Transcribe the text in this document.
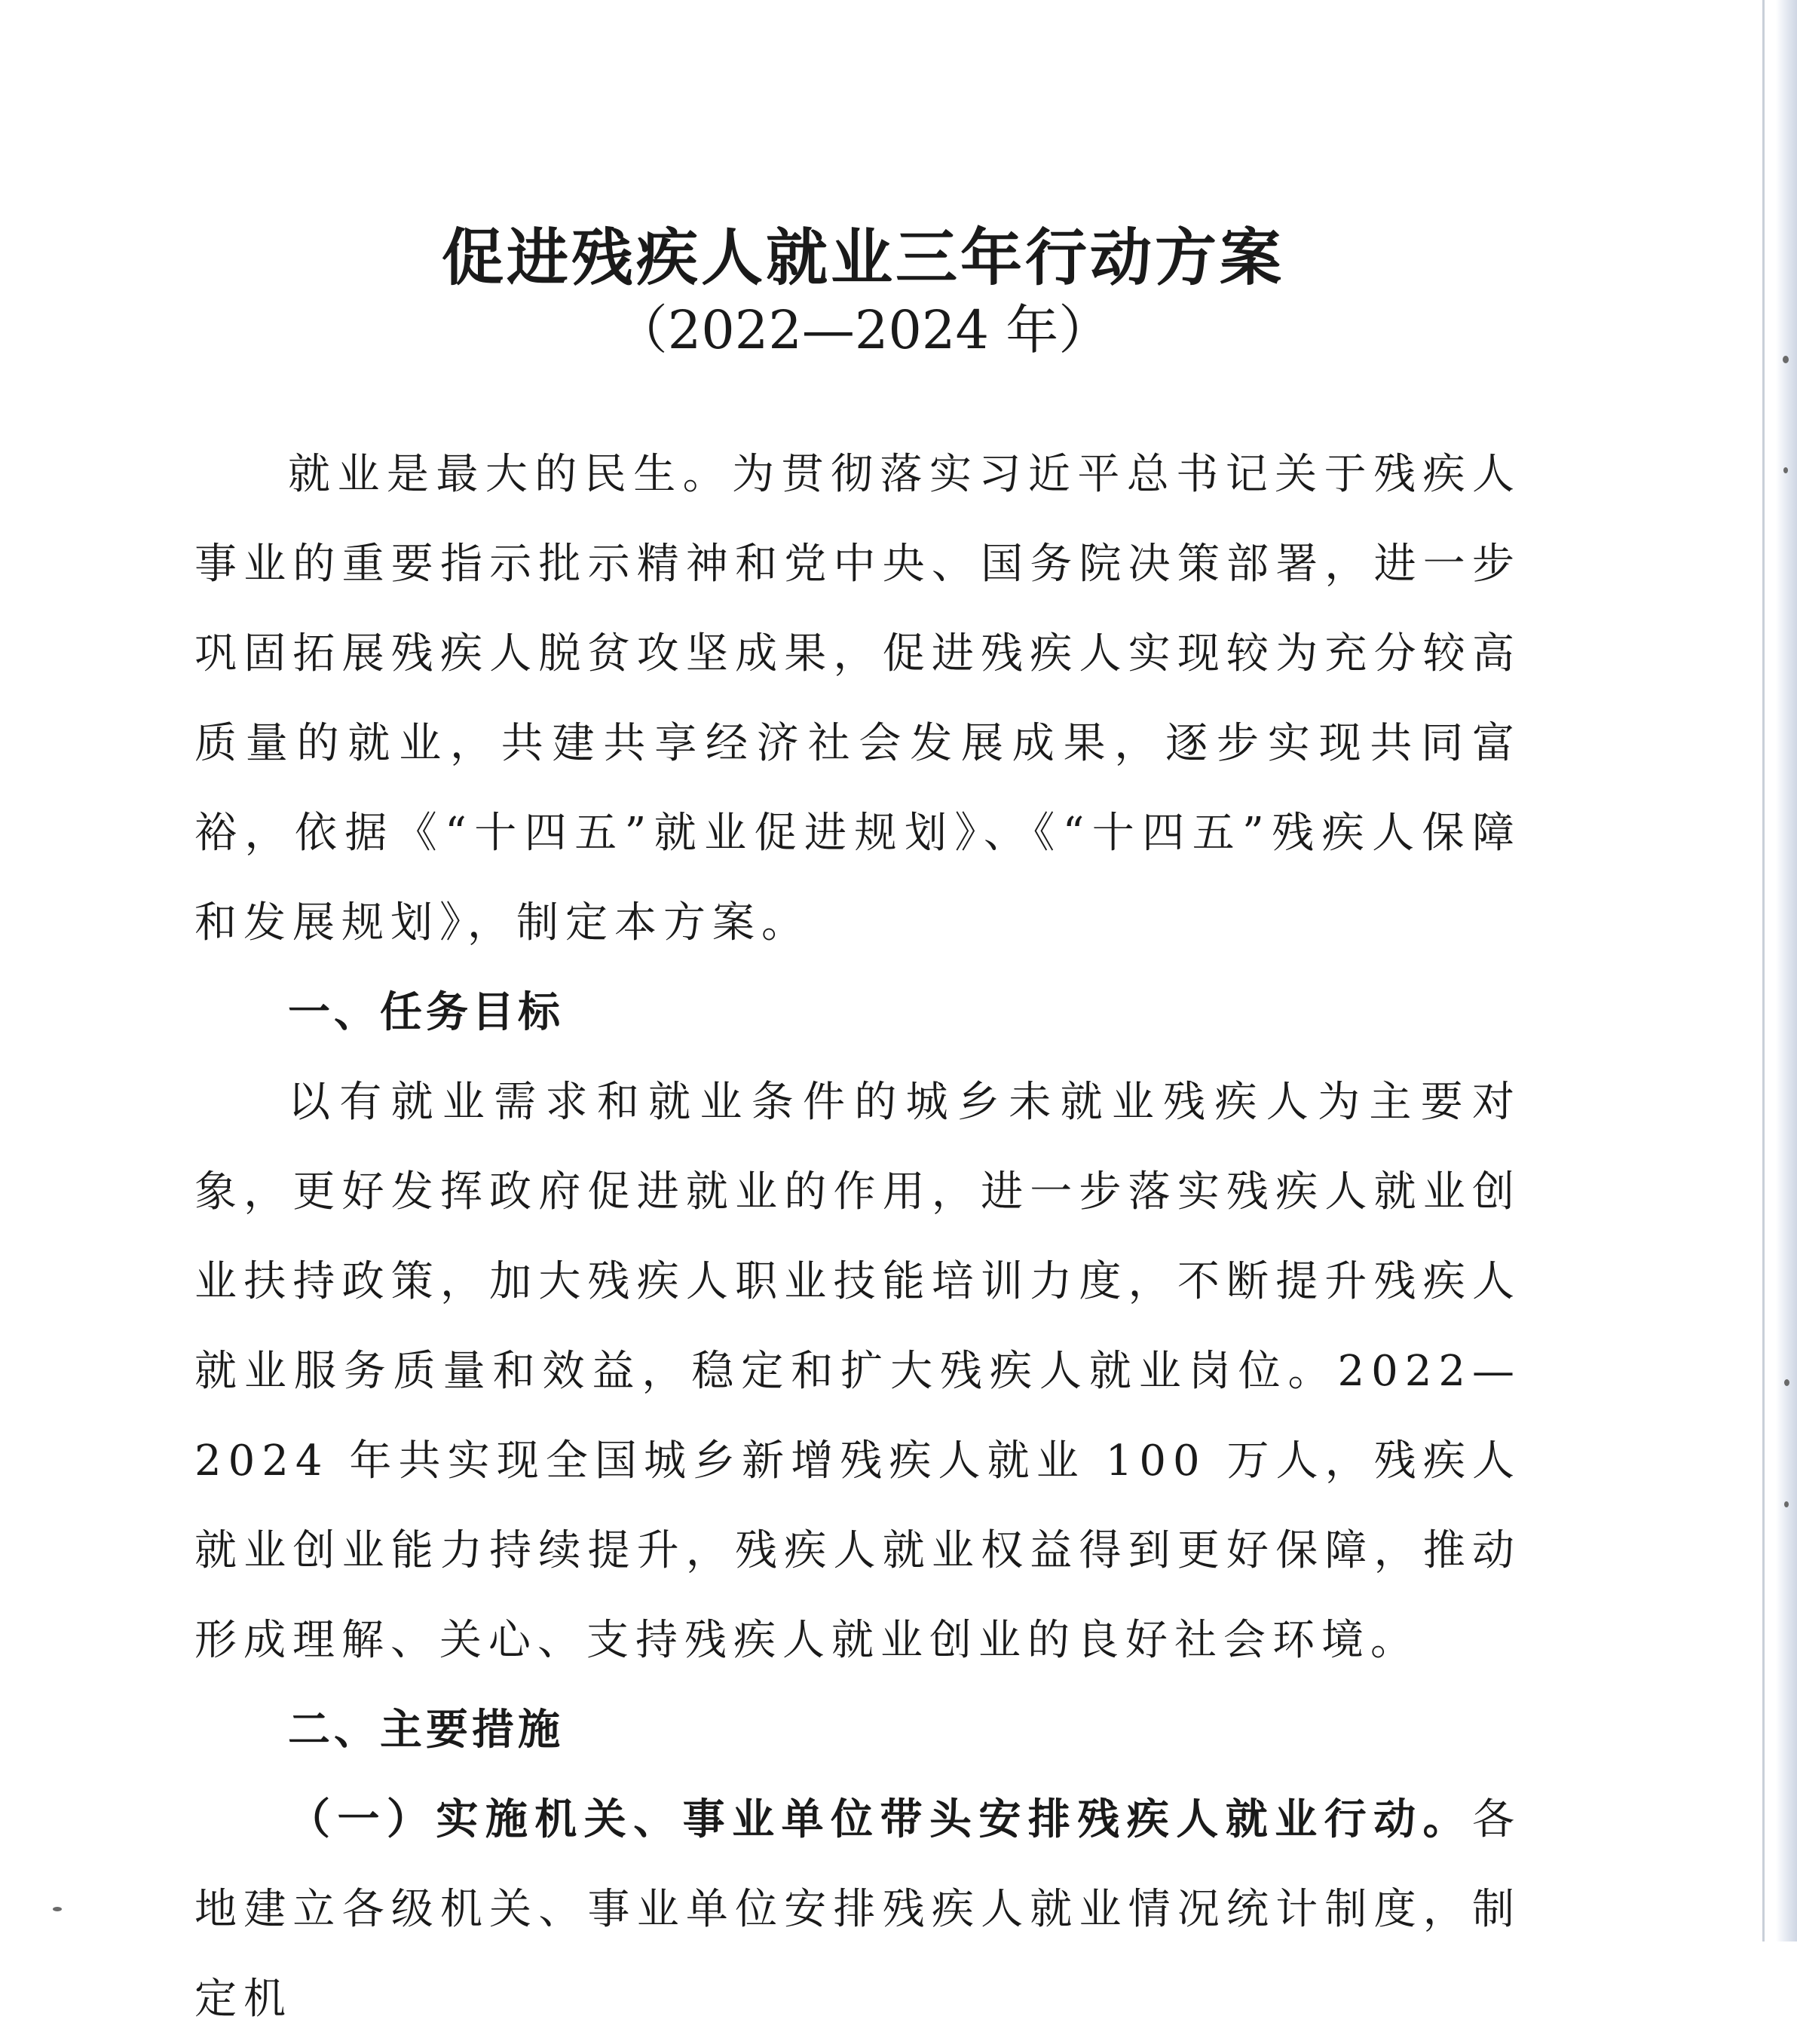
促进残疾人就业三年行动方案
（2022—2024 年）

就业是最大的民生。为贯彻落实习近平总书记关于残疾人事业的重要指示批示精神和党中央、国务院决策部署，进一步巩固拓展残疾人脱贫攻坚成果，促进残疾人实现较为充分较高质量的就业，共建共享经济社会发展成果，逐步实现共同富裕，依据《“十四五”就业促进规划》、《“十四五”残疾人保障和发展规划》，制定本方案。

一、任务目标

以有就业需求和就业条件的城乡未就业残疾人为主要对象，更好发挥政府促进就业的作用，进一步落实残疾人就业创业扶持政策，加大残疾人职业技能培训力度，不断提升残疾人就业服务质量和效益，稳定和扩大残疾人就业岗位。2022—2024 年共实现全国城乡新增残疾人就业 100 万人，残疾人就业创业能力持续提升，残疾人就业权益得到更好保障，推动形成理解、关心、支持残疾人就业创业的良好社会环境。

二、主要措施

（一）实施机关、事业单位带头安排残疾人就业行动。各地建立各级机关、事业单位安排残疾人就业情况统计制度，制定机
